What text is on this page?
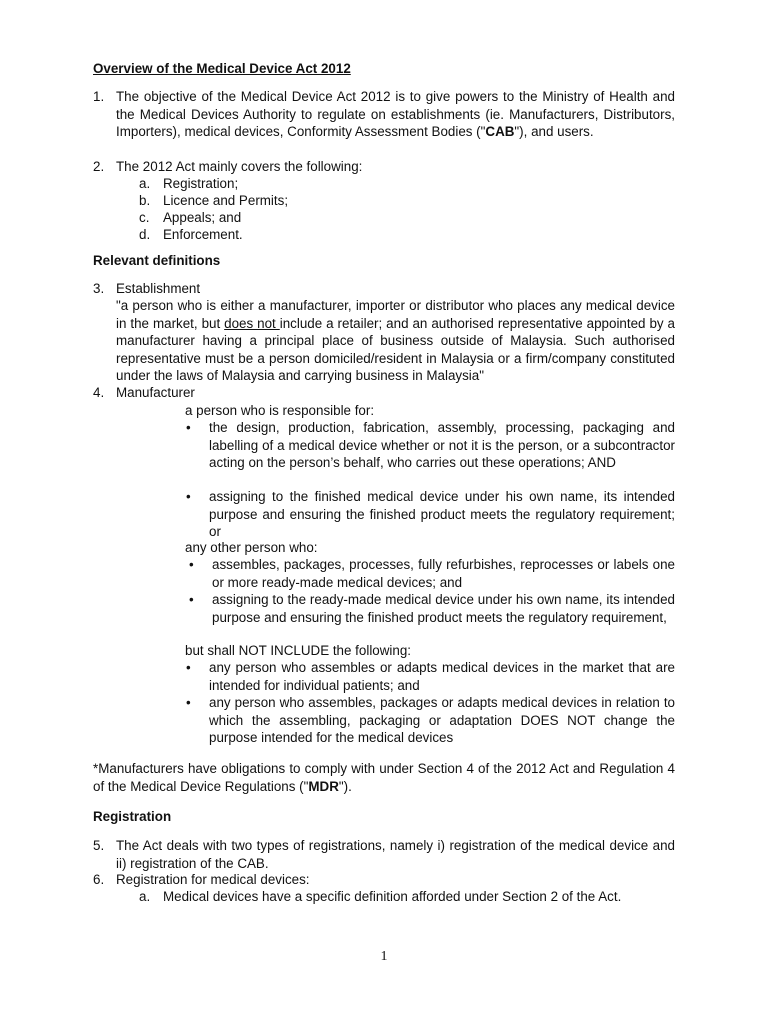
Overview of the Medical Device Act 2012
1. The objective of the Medical Device Act 2012 is to give powers to the Ministry of Health and the Medical Devices Authority to regulate on establishments (ie. Manufacturers, Distributors, Importers), medical devices, Conformity Assessment Bodies ("CAB"), and users.
2. The 2012 Act mainly covers the following:
a. Registration;
b. Licence and Permits;
c. Appeals; and
d. Enforcement.
Relevant definitions
3. Establishment
"a person who is either a manufacturer, importer or distributor who places any medical device in the market, but does not include a retailer; and an authorised representative appointed by a manufacturer having a principal place of business outside of Malaysia. Such authorised representative must be a person domiciled/resident in Malaysia or a firm/company constituted under the laws of Malaysia and carrying business in Malaysia"
4. Manufacturer
a person who is responsible for:
• the design, production, fabrication, assembly, processing, packaging and labelling of a medical device whether or not it is the person, or a subcontractor acting on the person’s behalf, who carries out these operations; AND
• assigning to the finished medical device under his own name, its intended purpose and ensuring the finished product meets the regulatory requirement; or
any other person who:
• assembles, packages, processes, fully refurbishes, reprocesses or labels one or more ready-made medical devices; and
• assigning to the ready-made medical device under his own name, its intended purpose and ensuring the finished product meets the regulatory requirement,
but shall NOT INCLUDE the following:
• any person who assembles or adapts medical devices in the market that are intended for individual patients; and
• any person who assembles, packages or adapts medical devices in relation to which the assembling, packaging or adaptation DOES NOT change the purpose intended for the medical devices
*Manufacturers have obligations to comply with under Section 4 of the 2012 Act and Regulation 4 of the Medical Device Regulations ("MDR").
Registration
5. The Act deals with two types of registrations, namely i) registration of the medical device and ii) registration of the CAB.
6. Registration for medical devices:
a. Medical devices have a specific definition afforded under Section 2 of the Act.
1
